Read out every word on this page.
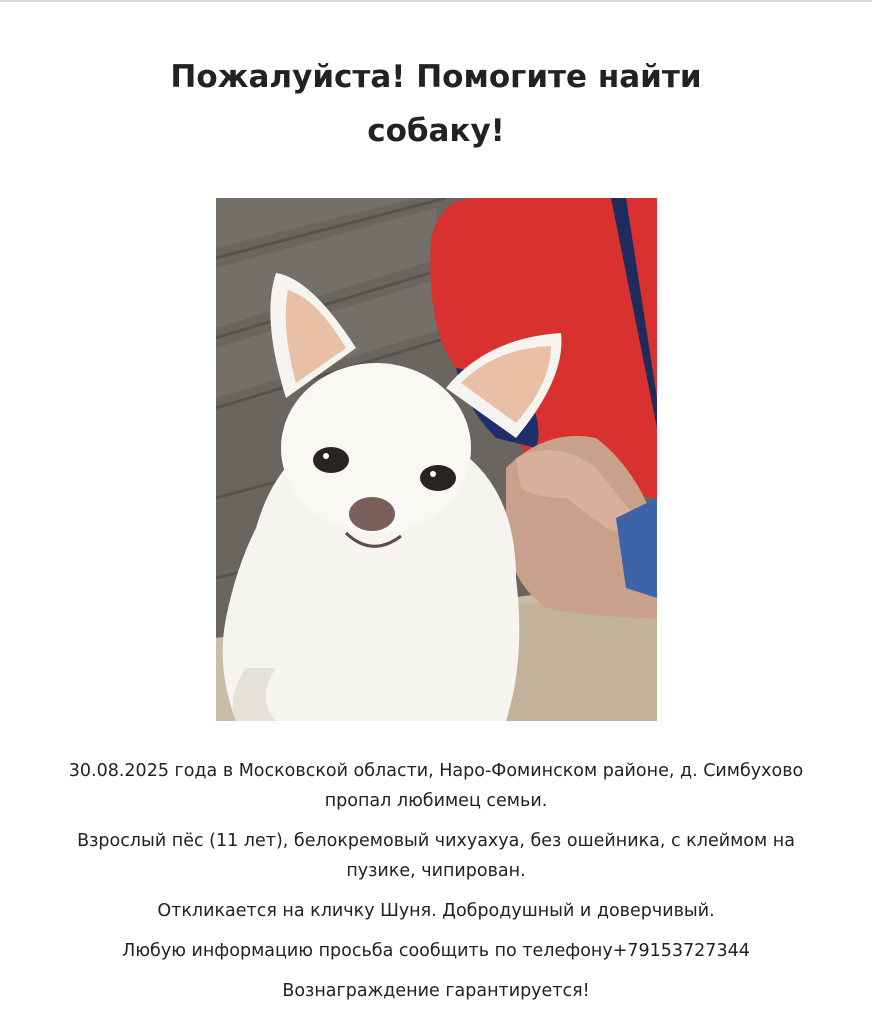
Пожалуйста! Помогите найти собаку!

30.08.2025 года в Московской области, Наро-Фоминском районе, д. Симбухово пропал любимец семьи.

Взрослый пёс (11 лет), белокремовый чихуахуа, без ошейника, с клеймом на пузике, чипирован.

Откликается на кличку Шуня. Добродушный и доверчивый.

Любую информацию просьба сообщить по телефону+79153727344

Вознаграждение гарантируется!
